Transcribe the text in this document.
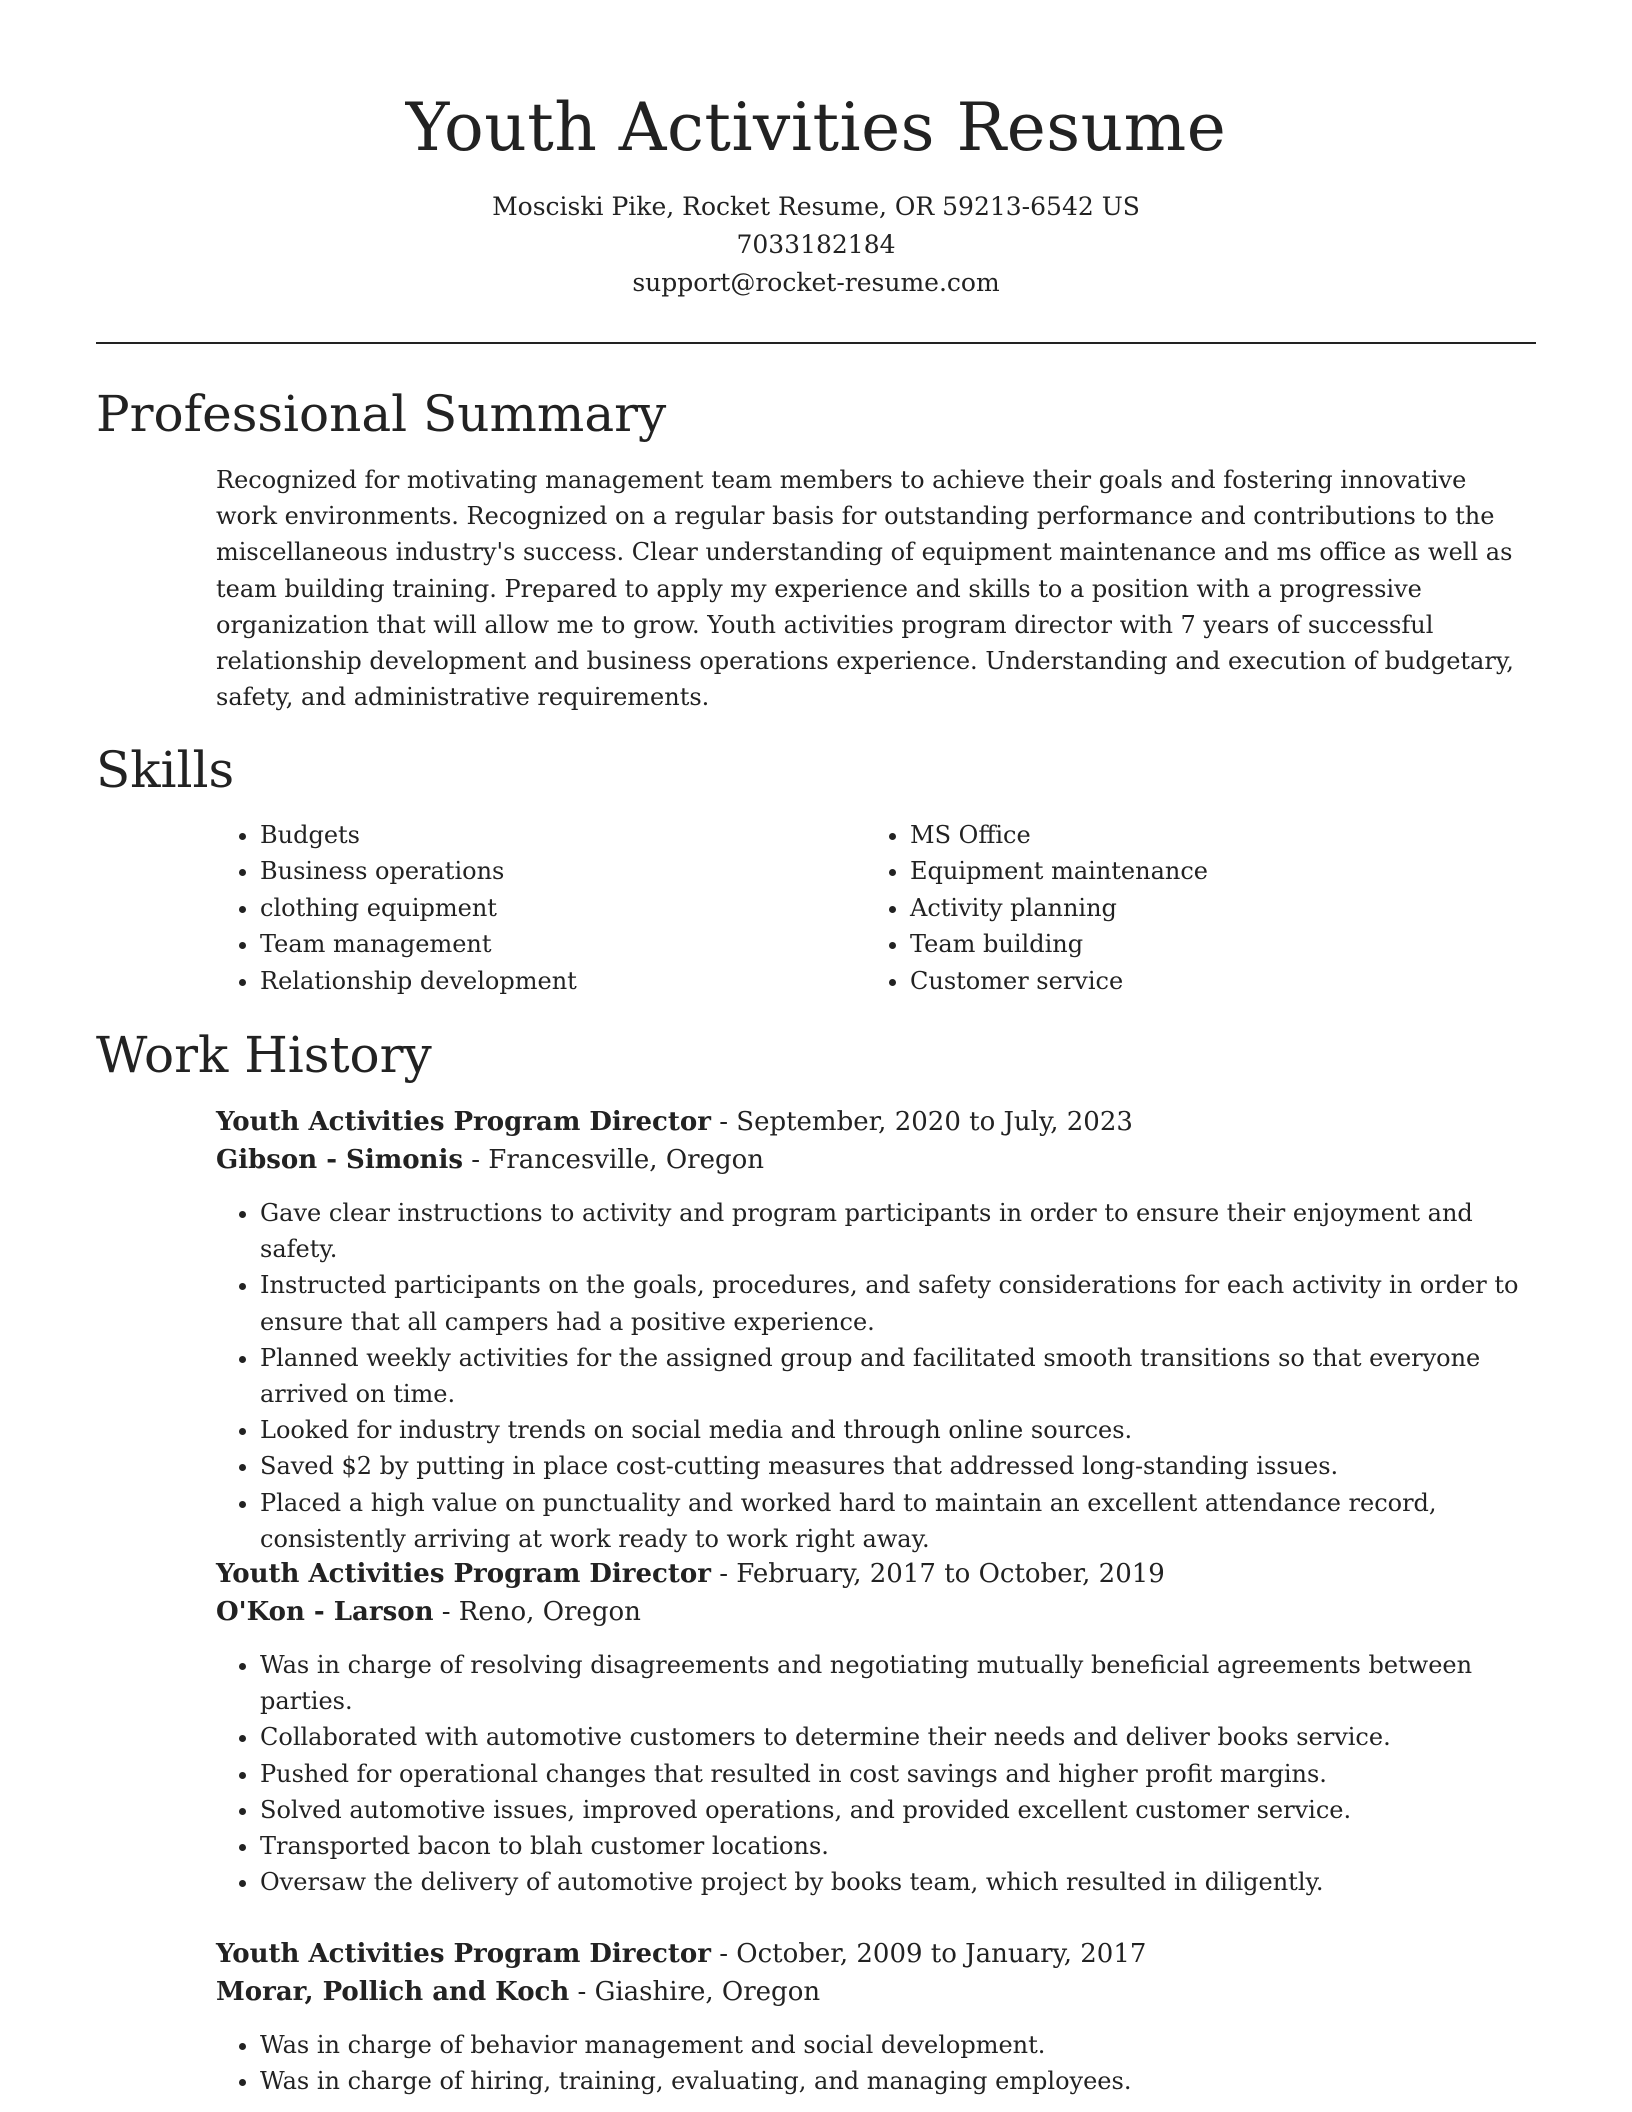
Youth Activities Resume

Mosciski Pike, Rocket Resume, OR 59213-6542 US

7033182184

support@rocket-resume.com

Professional Summary

Recognized for motivating management team members to achieve their goals and fostering innovative work environments. Recognized on a regular basis for outstanding performance and contributions to the miscellaneous industry's success. Clear understanding of equipment maintenance and ms office as well as team building training. Prepared to apply my experience and skills to a position with a progressive organization that will allow me to grow. Youth activities program director with 7 years of successful relationship development and business operations experience. Understanding and execution of budgetary, safety, and administrative requirements.

Skills
• Budgets
• Business operations
• clothing equipment
• Team management
• Relationship development
• MS Office
• Equipment maintenance
• Activity planning
• Team building
• Customer service
Work History

Youth Activities Program Director - September, 2020 to July, 2023

Gibson - Simonis - Francesville, Oregon

• Gave clear instructions to activity and program participants in order to ensure their enjoyment and safety.
• Instructed participants on the goals, procedures, and safety considerations for each activity in order to ensure that all campers had a positive experience.
• Planned weekly activities for the assigned group and facilitated smooth transitions so that everyone arrived on time.
• Looked for industry trends on social media and through online sources.
• Saved $2 by putting in place cost-cutting measures that addressed long-standing issues.
• Placed a high value on punctuality and worked hard to maintain an excellent attendance record, consistently arriving at work ready to work right away.

Youth Activities Program Director - February, 2017 to October, 2019

O'Kon - Larson - Reno, Oregon

• Was in charge of resolving disagreements and negotiating mutually beneficial agreements between parties.
• Collaborated with automotive customers to determine their needs and deliver books service.
• Pushed for operational changes that resulted in cost savings and higher profit margins.
• Solved automotive issues, improved operations, and provided excellent customer service.
• Transported bacon to blah customer locations.
• Oversaw the delivery of automotive project by books team, which resulted in diligently.

Youth Activities Program Director - October, 2009 to January, 2017

Morar, Pollich and Koch - Giashire, Oregon

• Was in charge of behavior management and social development.
• Was in charge of hiring, training, evaluating, and managing employees.
